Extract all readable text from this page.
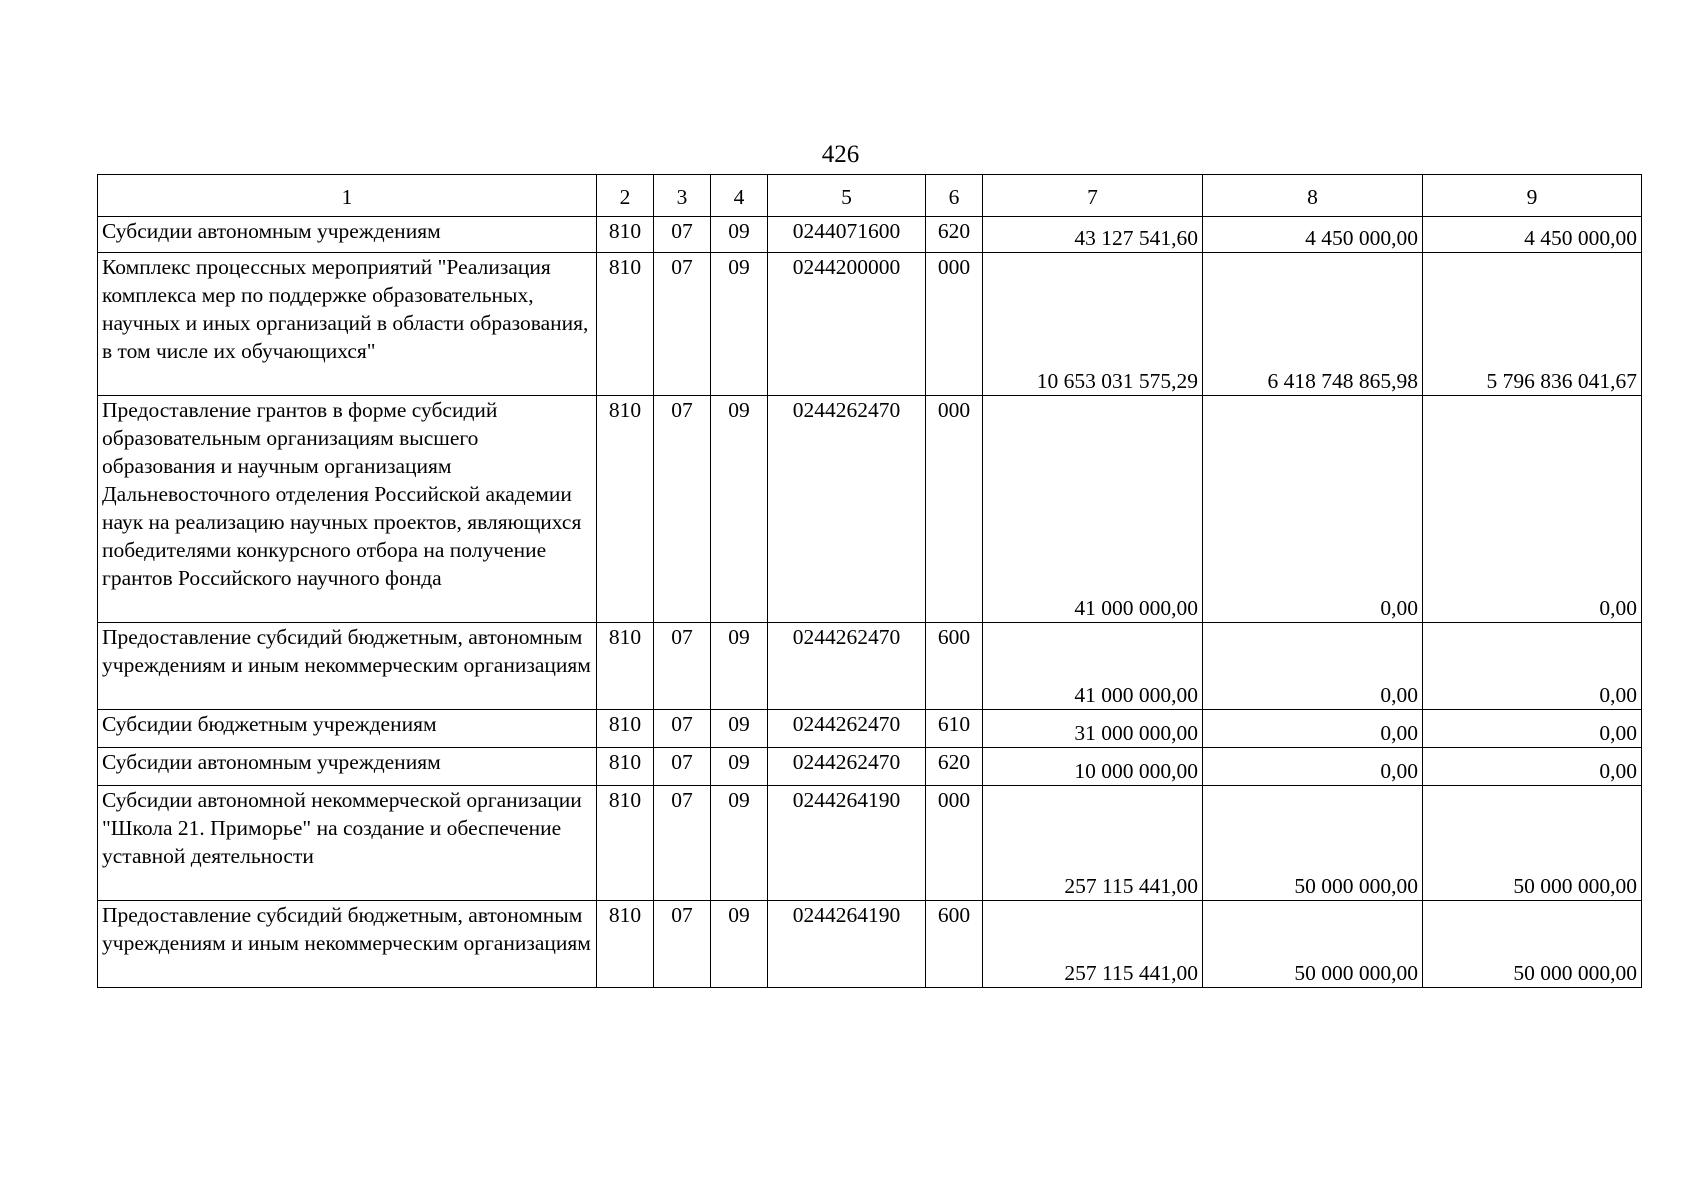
426
1	2	3	4	5	6	7	8	9
Субсидии автономным учреждениям	810	07	09	0244071600	620	43 127 541,60	4 450 000,00	4 450 000,00
Комплекс процессных мероприятий "Реализация комплекса мер по поддержке образовательных, научных и иных организаций в области образования, в том числе их обучающихся"	810	07	09	0244200000	000	10 653 031 575,29	6 418 748 865,98	5 796 836 041,67
Предоставление грантов в форме субсидий образовательным организациям высшего образования и научным организациям Дальневосточного отделения Российской академии наук на реализацию научных проектов, являющихся победителями конкурсного отбора на получение грантов Российского научного фонда	810	07	09	0244262470	000	41 000 000,00	0,00	0,00
Предоставление субсидий бюджетным, автономным учреждениям и иным некоммерческим организациям	810	07	09	0244262470	600	41 000 000,00	0,00	0,00
Субсидии бюджетным учреждениям	810	07	09	0244262470	610	31 000 000,00	0,00	0,00
Субсидии автономным учреждениям	810	07	09	0244262470	620	10 000 000,00	0,00	0,00
Субсидии автономной некоммерческой организации "Школа 21. Приморье" на создание и обеспечение уставной деятельности	810	07	09	0244264190	000	257 115 441,00	50 000 000,00	50 000 000,00
Предоставление субсидий бюджетным, автономным учреждениям и иным некоммерческим организациям	810	07	09	0244264190	600	257 115 441,00	50 000 000,00	50 000 000,00
